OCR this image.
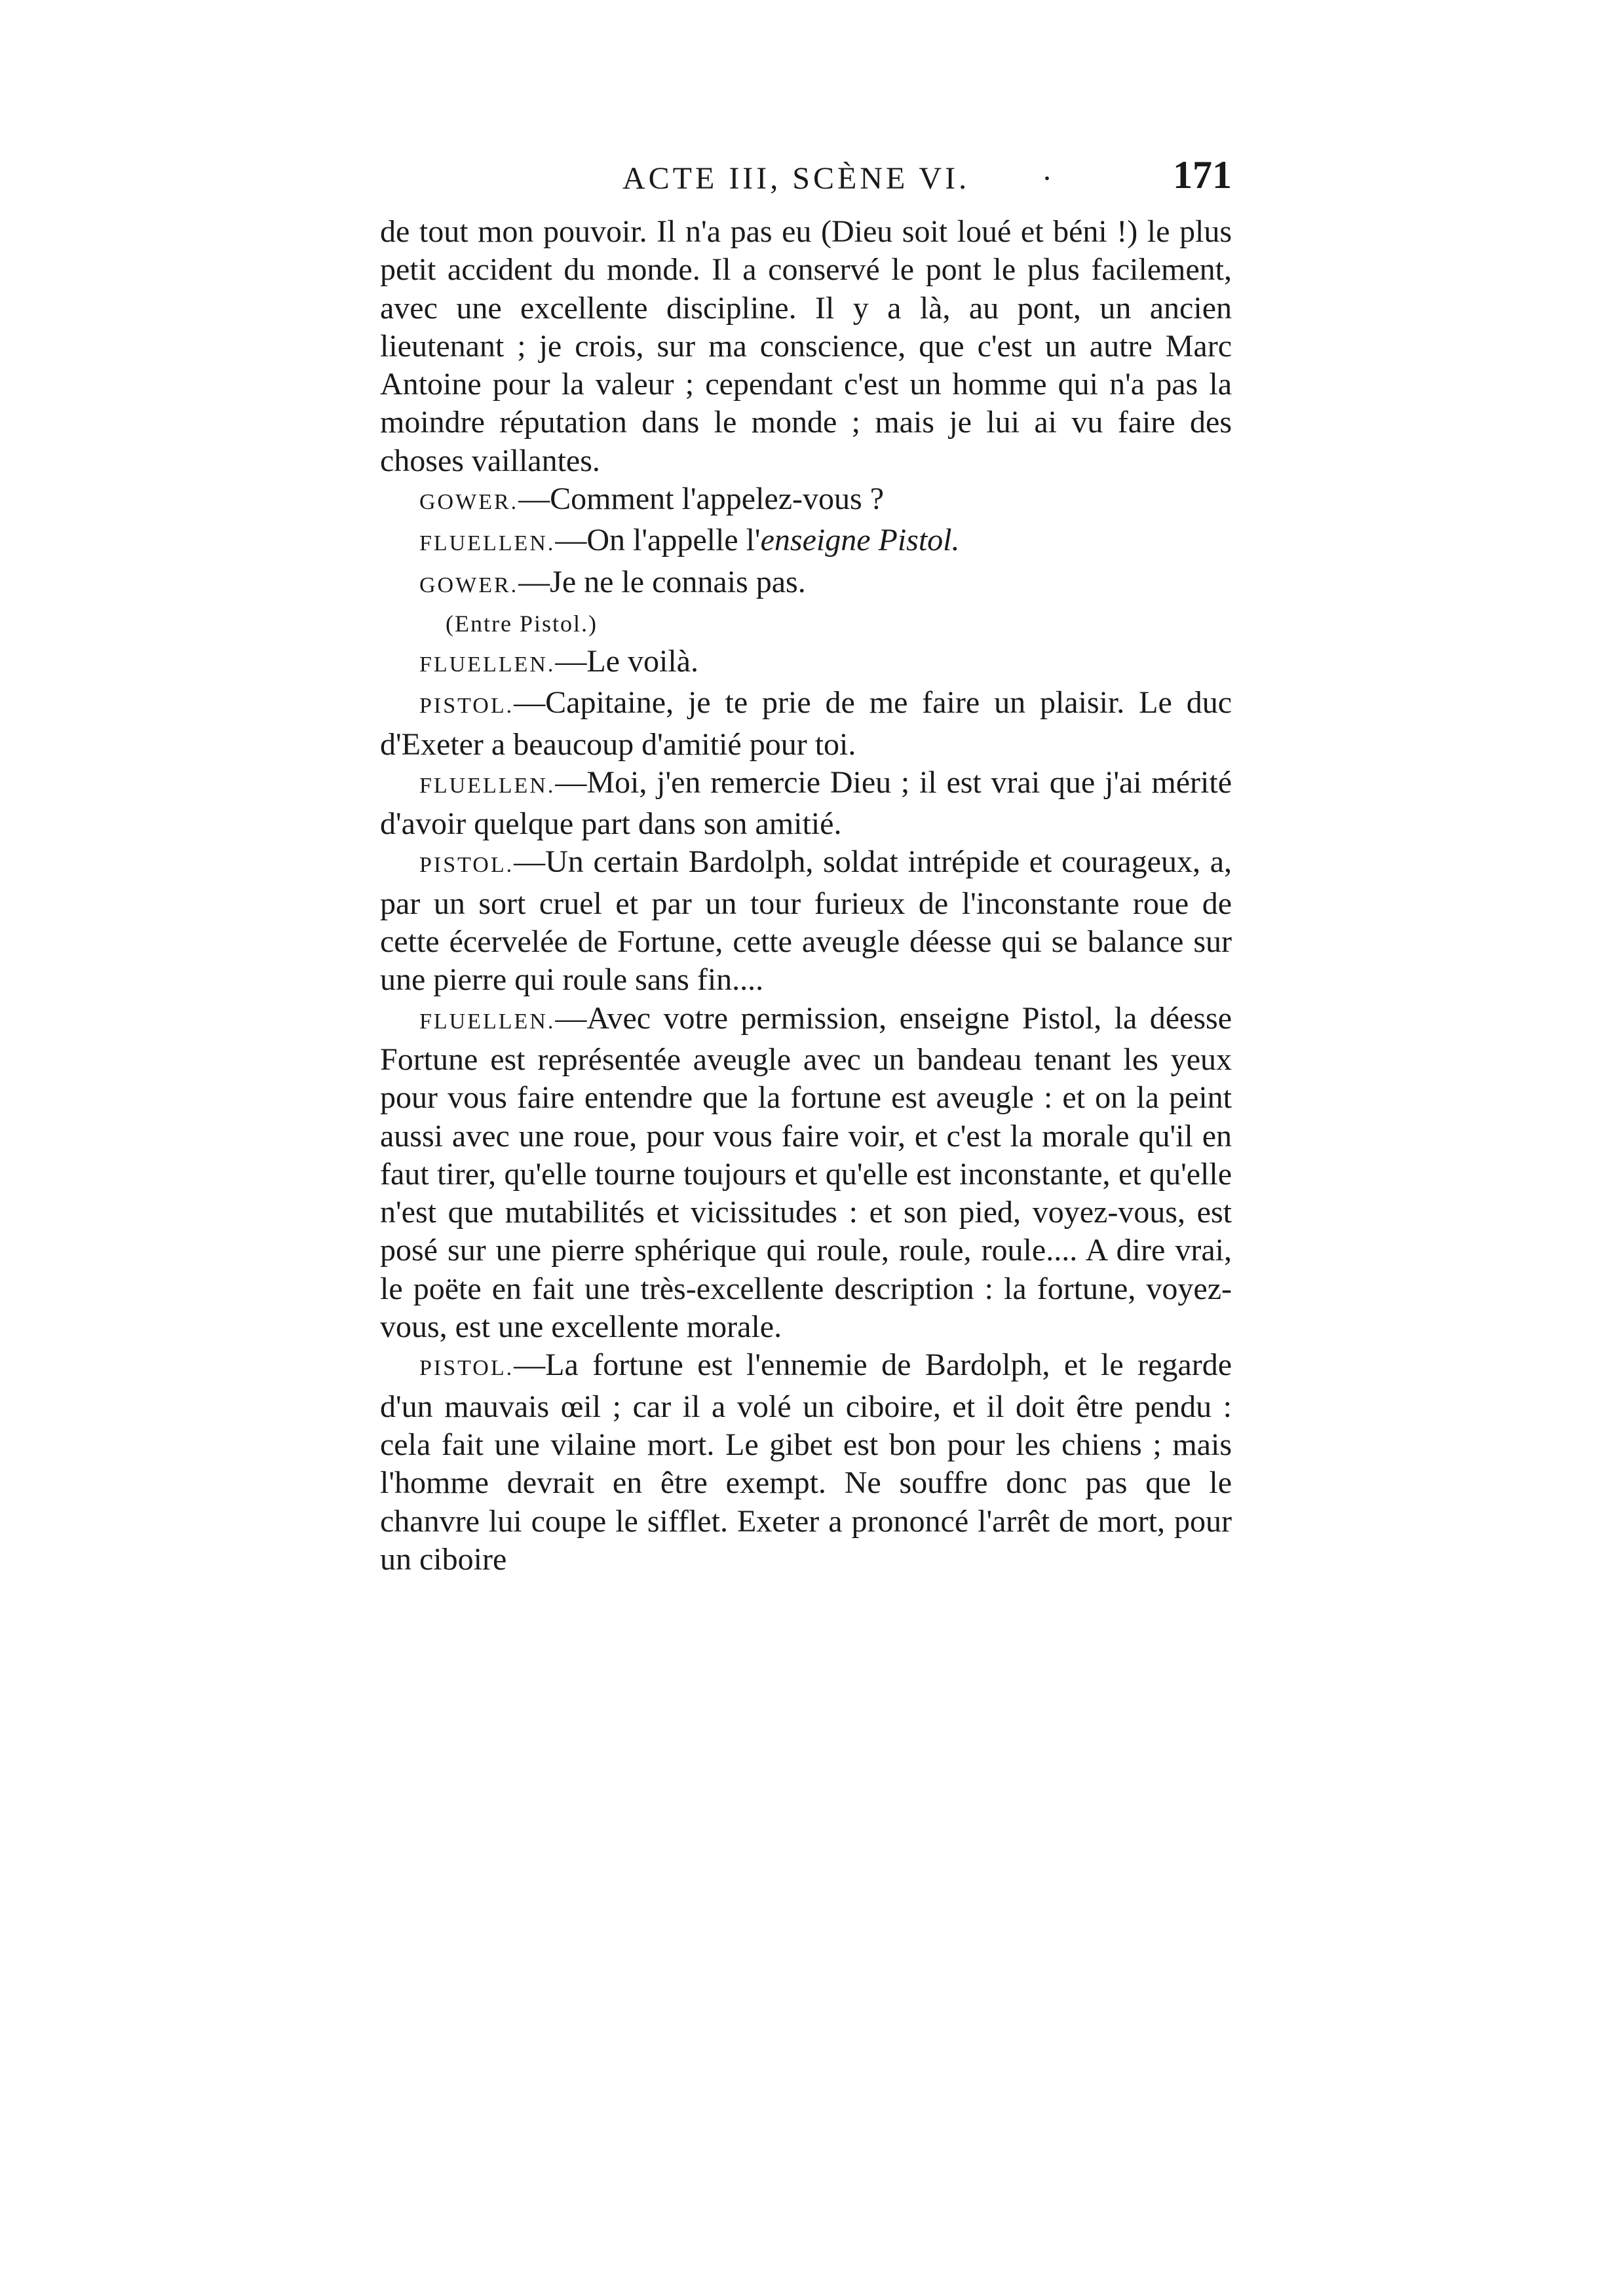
ACTE III, SCÈNE VI. ·	171

de tout mon pouvoir. Il n'a pas eu (Dieu soit loué et béni !) le plus petit accident du monde. Il a conservé le pont le plus facilement, avec une excellente discipline. Il y a là, au pont, un ancien lieutenant ; je crois, sur ma conscience, que c'est un autre Marc Antoine pour la valeur ; cependant c'est un homme qui n'a pas la moindre réputation dans le monde ; mais je lui ai vu faire des choses vaillantes.

GOWER.—Comment l'appelez-vous ?

FLUELLEN.—On l'appelle l'enseigne Pistol.

GOWER.—Je ne le connais pas.

(Entre Pistol.)

FLUELLEN.—Le voilà.

PISTOL.—Capitaine, je te prie de me faire un plaisir. Le duc d'Exeter a beaucoup d'amitié pour toi.

FLUELLEN.—Moi, j'en remercie Dieu ; il est vrai que j'ai mérité d'avoir quelque part dans son amitié.

PISTOL.—Un certain Bardolph, soldat intrépide et courageux, a, par un sort cruel et par un tour furieux de l'inconstante roue de cette écervelée de Fortune, cette aveugle déesse qui se balance sur une pierre qui roule sans fin....

FLUELLEN.—Avec votre permission, enseigne Pistol, la déesse Fortune est représentée aveugle avec un bandeau tenant les yeux pour vous faire entendre que la fortune est aveugle : et on la peint aussi avec une roue, pour vous faire voir, et c'est la morale qu'il en faut tirer, qu'elle tourne toujours et qu'elle est inconstante, et qu'elle n'est que mutabilités et vicissitudes : et son pied, voyez-vous, est posé sur une pierre sphérique qui roule, roule, roule.... A dire vrai, le poëte en fait une très-excellente description : la fortune, voyez-vous, est une excellente morale.

PISTOL.—La fortune est l'ennemie de Bardolph, et le regarde d'un mauvais œil ; car il a volé un ciboire, et il doit être pendu : cela fait une vilaine mort. Le gibet est bon pour les chiens ; mais l'homme devrait en être exempt. Ne souffre donc pas que le chanvre lui coupe le sifflet. Exeter a prononcé l'arrêt de mort, pour un ciboire
